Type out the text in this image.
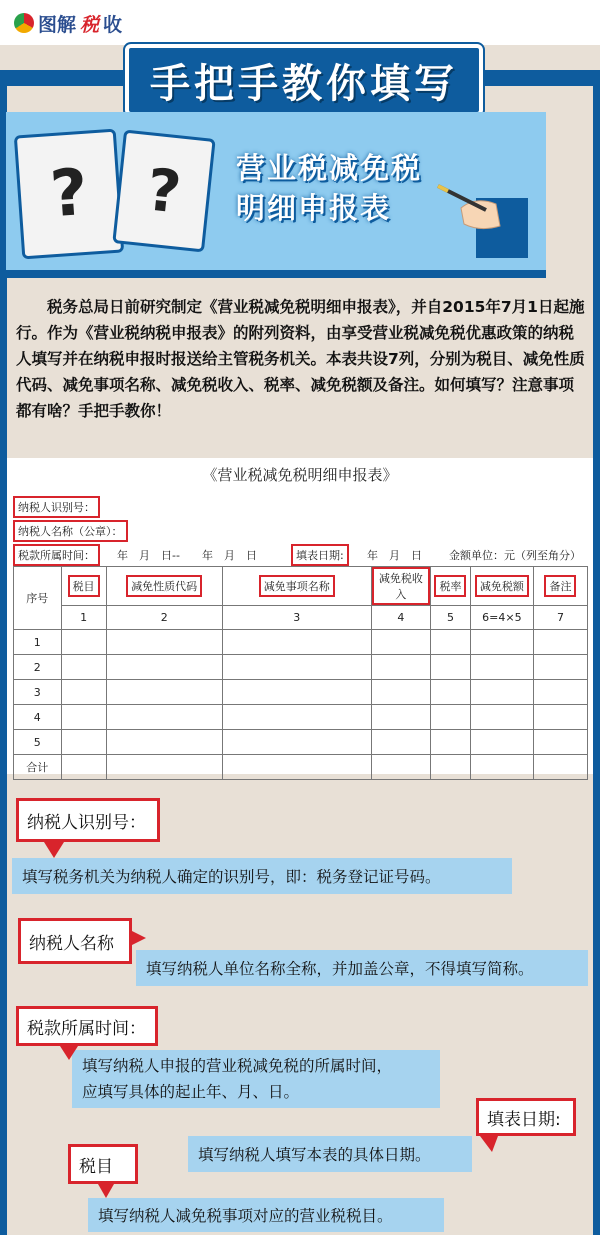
图解 税 收
手把手教你填写
? ? 营业税减免税
明细申报表
税务总局日前研究制定《营业税减免税明细申报表》，并自2015年7月1日起施行。作为《营业税纳税申报表》的附列资料，由享受营业税减免税优惠政策的纳税人填写并在纳税申报时报送给主管税务机关。本表共设7列，分别为税目、减免性质代码、减免事项名称、减免税收入、税率、减免税额及备注。如何填写？注意事项都有啥？手把手教你！
《营业税减免税明细申报表》
纳税人识别号：
纳税人名称（公章）：
税款所属时间：	年　月　日--　　年　月　日	填表日期:	年　月　日 金额单位：元（列至角分）
序号	税目	减免性质代码	减免事项名称	减免税收入	税率	减免税额	备注
	1	2	3	4	5	6=4×5	7
1							
2							
3							
4							
5							
合计							
填写税务机关为纳税人确定的识别号，即：税务登记证号码。
纳税人识别号：
填写纳税人单位名称全称，并加盖公章，不得填写简称。
纳税人名称
填写纳税人申报的营业税减免税的所属时间，
应填写具体的起止年、月、日。
税款所属时间：
填写纳税人填写本表的具体日期。
填表日期:
填写纳税人减免税事项对应的营业税税目。
税目
